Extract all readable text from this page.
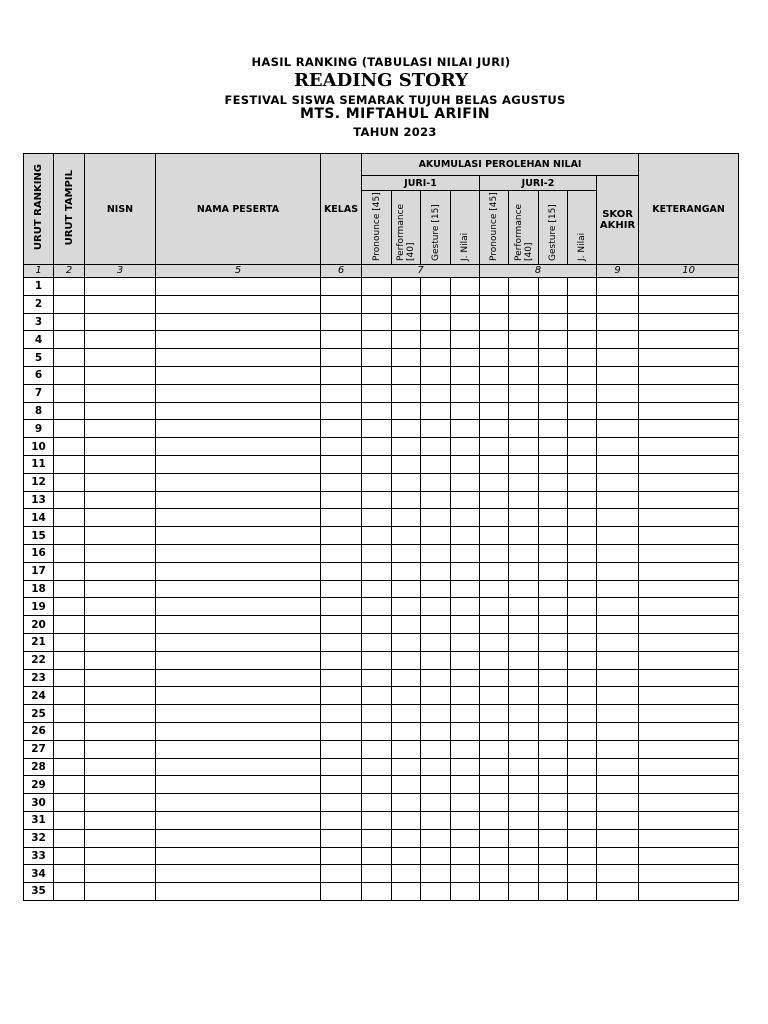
HASIL RANKING (TABULASI NILAI JURI)
READING STORY
FESTIVAL SISWA SEMARAK TUJUH BELAS AGUSTUS
MTS. MIFTAHUL ARIFIN
TAHUN 2023
URUT RANKING	URUT TAMPIL	NISN	NAMA PESERTA	KELAS	AKUMULASI PEROLEHAN NILAI									KETERANGAN
					JURI-1				JURI-2				SKOR AKHIR	
					Pronounce [45]	Performance [40]	Gesture [15]	J. Nilai	Pronounce [45]	Performance [40]	Gesture [15]	J. Nilai		
1	2	3	5	6	7				8				9	10
1														
2														
3														
4														
5														
6														
7														
8														
9														
10														
11														
12														
13														
14														
15														
16														
17														
18														
19														
20														
21														
22														
23														
24														
25														
26														
27														
28														
29														
30														
31														
32														
33														
34														
35														
